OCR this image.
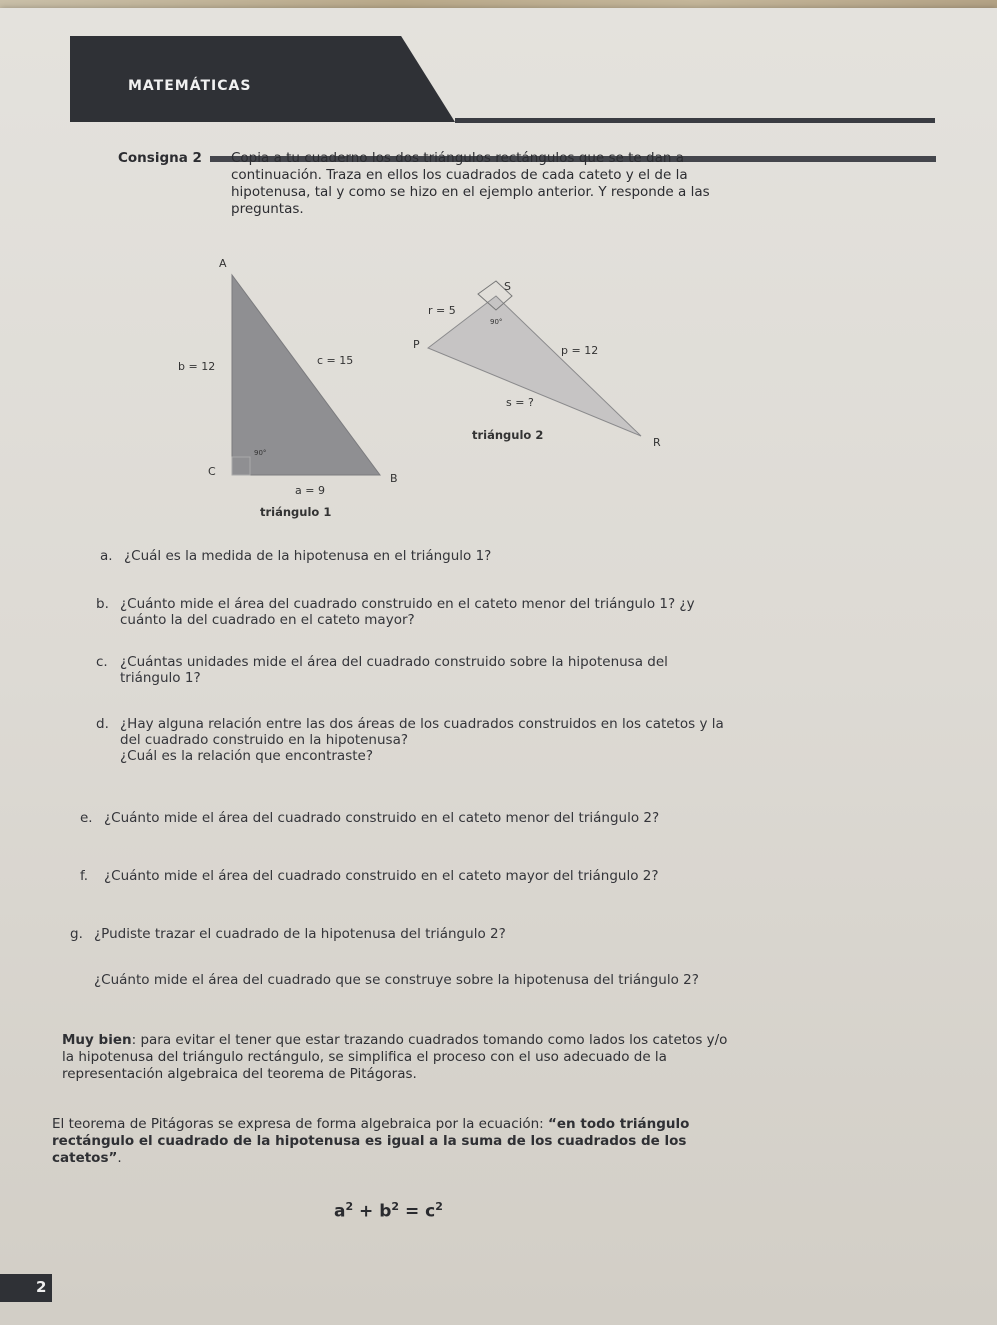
MATEMÁTICAS
Consigna 2 Copia a tu cuaderno los dos triángulos rectángulos que se te dan a continuación. Traza en ellos los cuadrados de cada cateto y el de la hipotenusa, tal y como se hizo en el ejemplo anterior. Y responde a las preguntas.
90°
A
C
B
b = 12	c = 15
a = 9
triángulo 1
90°
S
P
R
r = 5
p = 12
s = ?
triángulo 2
a. ¿Cuál es la medida de la hipotenusa en el triángulo 1?
b. ¿Cuánto mide el área del cuadrado construido en el cateto menor del triángulo 1? ¿y cuánto la del cuadrado en el cateto mayor?
c. ¿Cuántas unidades mide el área del cuadrado construido sobre la hipotenusa del triángulo 1?
d. ¿Hay alguna relación entre las dos áreas de los cuadrados construidos en los catetos y la del cuadrado construido en la hipotenusa?
¿Cuál es la relación que encontraste?
e. ¿Cuánto mide el área del cuadrado construido en el cateto menor del triángulo 2?
f. ¿Cuánto mide el área del cuadrado construido en el cateto mayor del triángulo 2?
g. ¿Pudiste trazar el cuadrado de la hipotenusa del triángulo 2?
¿Cuánto mide el área del cuadrado que se construye sobre la hipotenusa del triángulo 2?
Muy bien: para evitar el tener que estar trazando cuadrados tomando como lados los catetos y/o la hipotenusa del triángulo rectángulo, se simplifica el proceso con el uso adecuado de la representación algebraica del teorema de Pitágoras.
El teorema de Pitágoras se expresa de forma algebraica por la ecuación: “en todo triángulo rectángulo el cuadrado de la hipotenusa es igual a la suma de los cuadrados de los catetos”.
$a^2 + b^2 = c^2$
2
